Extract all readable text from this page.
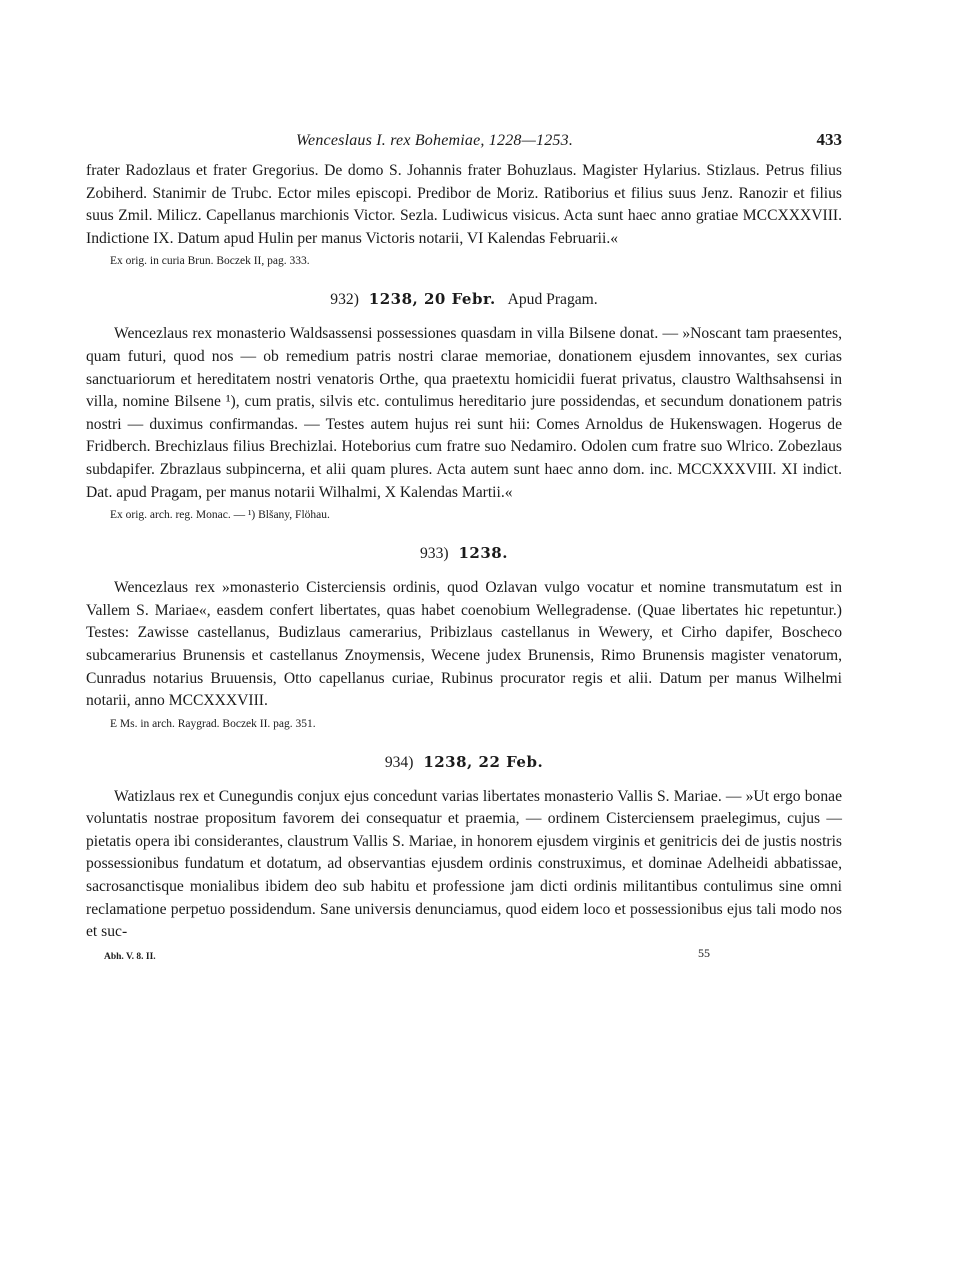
Wenceslaus I. rex Bohemiae, 1228—1253.	433

frater Radozlaus et frater Gregorius. De domo S. Johannis frater Bohuzlaus. Magister Hylarius. Stizlaus. Petrus filius Zobiherd. Stanimir de Trubc. Ector miles episcopi. Predibor de Moriz. Ratiborius et filius suus Jenz. Ranozir et filius suus Zmil. Milicz. Capellanus marchionis Victor. Sezla. Ludiwicus visicus. Acta sunt haec anno gratiae MCCXXXVIII. Indictione IX. Datum apud Hulin per manus Victoris notarii, VI Kalendas Februarii.«

Ex orig. in curia Brun. Boczek II, pag. 333.
932) 1238, 20 Febr. Apud Pragam.

Wencezlaus rex monasterio Waldsassensi possessiones quasdam in villa Bilsene donat. — »Noscant tam praesentes, quam futuri, quod nos — ob remedium patris nostri clarae memoriae, donationem ejusdem innovantes, sex curias sanctuariorum et hereditatem nostri venatoris Orthe, qua praetextu homicidii fuerat privatus, claustro Walthsahsensi in villa, nomine Bilsene ¹), cum pratis, silvis etc. contulimus hereditario jure possidendas, et secundum donationem patris nostri — duximus confirmandas. — Testes autem hujus rei sunt hii: Comes Arnoldus de Hukenswagen. Hogerus de Fridberch. Brechizlaus filius Brechizlai. Hoteborius cum fratre suo Nedamiro. Odolen cum fratre suo Wlrico. Zobezlaus subdapifer. Zbrazlaus subpincerna, et alii quam plures. Acta autem sunt haec anno dom. inc. MCCXXXVIII. XI indict. Dat. apud Pragam, per manus notarii Wilhalmi, X Kalendas Martii.«

Ex orig. arch. reg. Monac. — ¹) Blšany, Flöhau.
933) 1238.

Wencezlaus rex »monasterio Cisterciensis ordinis, quod Ozlavan vulgo vocatur et nomine transmutatum est in Vallem S. Mariae«, easdem confert libertates, quas habet coenobium Wellegradense. (Quae libertates hic repetuntur.) Testes: Zawisse castellanus, Budizlaus camerarius, Pribizlaus castellanus in Wewery, et Cirho dapifer, Boscheco subcamerarius Brunensis et castellanus Znoymensis, Wecene judex Brunensis, Rimo Brunensis magister venatorum, Cunradus notarius Bruuensis, Otto capellanus curiae, Rubinus procurator regis et alii. Datum per manus Wilhelmi notarii, anno MCCXXXVIII.

E Ms. in arch. Raygrad. Boczek II. pag. 351.
934) 1238, 22 Feb.

Watizlaus rex et Cunegundis conjux ejus concedunt varias libertates monasterio Vallis S. Mariae. — »Ut ergo bonae voluntatis nostrae propositum favorem dei consequatur et praemia, — ordinem Cisterciensem praelegimus, cujus — pietatis opera ibi considerantes, claustrum Vallis S. Mariae, in honorem ejusdem virginis et genitricis dei de justis nostris possessionibus fundatum et dotatum, ad observantias ejusdem ordinis construximus, et dominae Adelheidi abbatissae, sacrosanctisque monialibus ibidem deo sub habitu et professione jam dicti ordinis militantibus contulimus sine omni reclamatione perpetuo possidendum. Sane universis denunciamus, quod eidem loco et possessionibus ejus tali modo nos et suc-

Abh. V. 8. II.	55
